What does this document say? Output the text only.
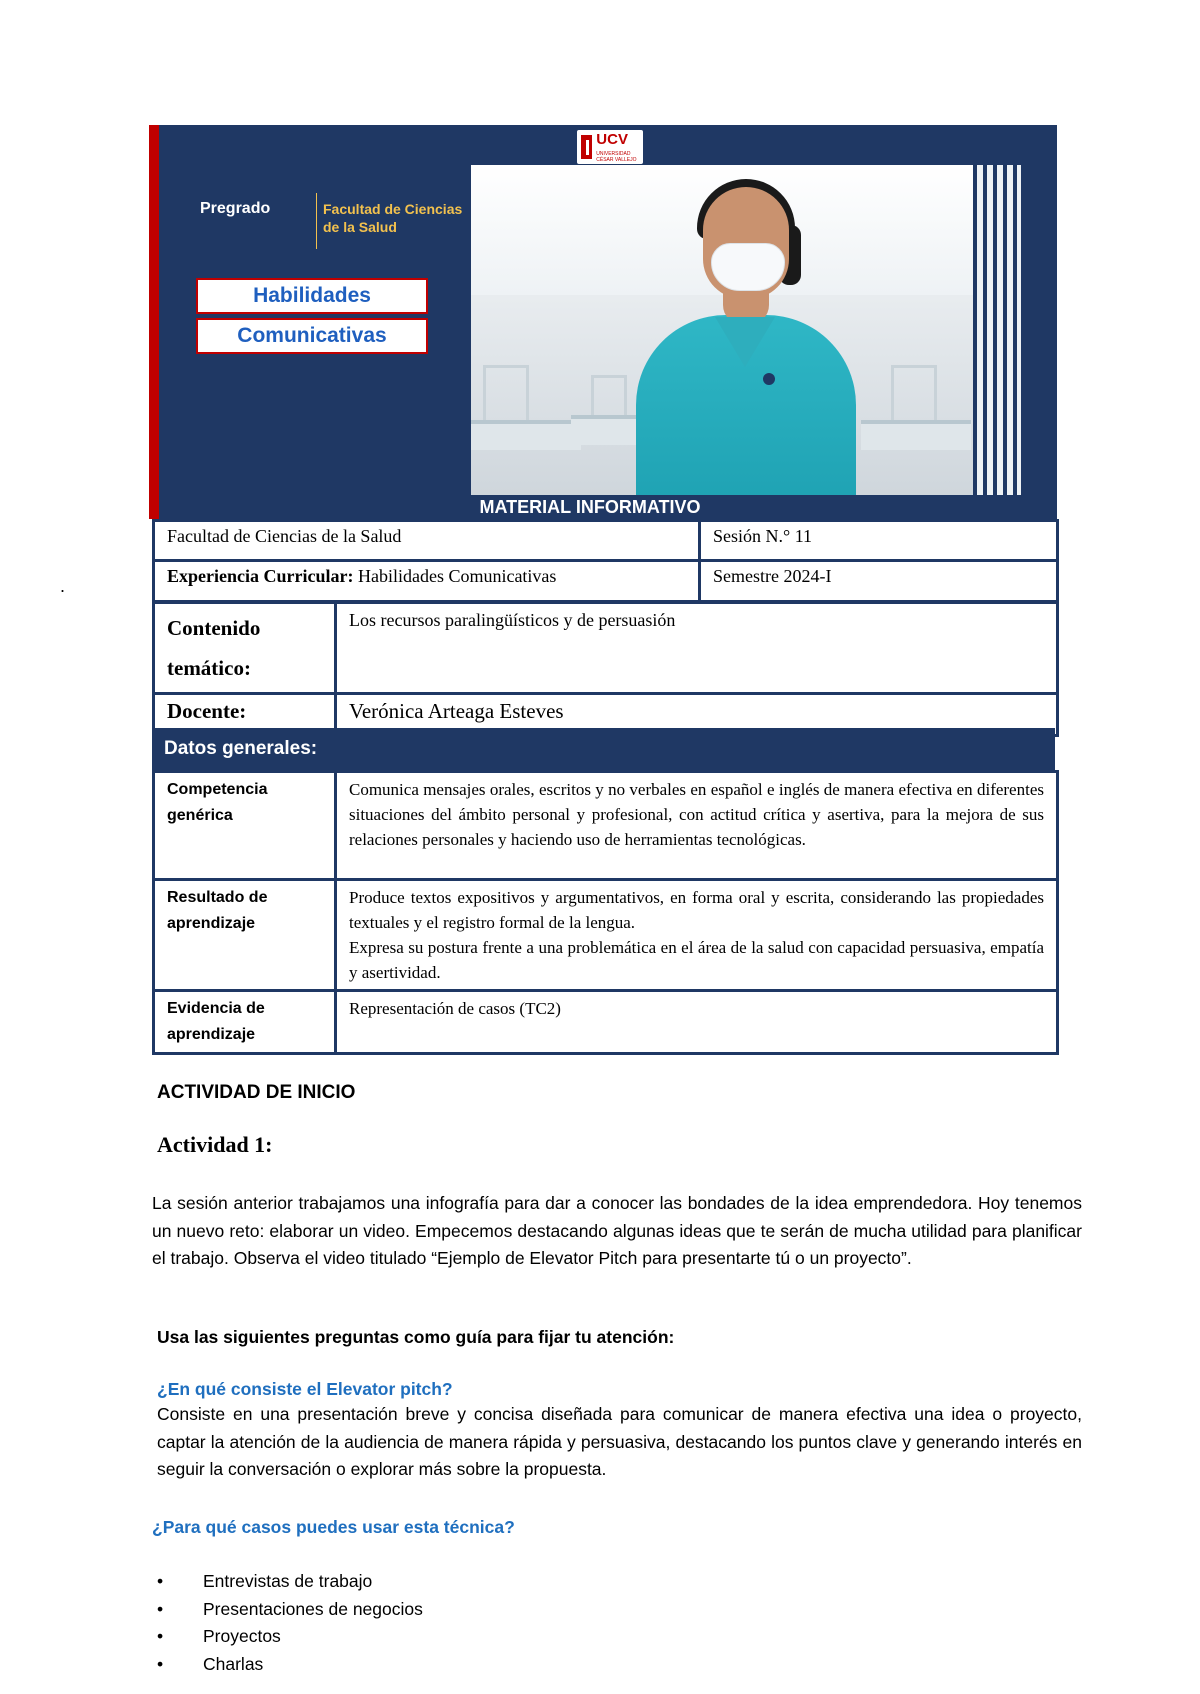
UCV
UNIVERSIDAD CÉSAR VALLEJO
Pregrado	Facultad de Ciencias de la Salud
Habilidades
Comunicativas
MATERIAL INFORMATIVO
.
Facultad de Ciencias de la Salud	Sesión N.° 11
Experiencia Curricular: Habilidades Comunicativas	Semestre 2024-I
Contenido temático:	Los recursos paralingüísticos y de persuasión
Docente:	Verónica Arteaga Esteves
Datos generales:
Competencia genérica	Comunica mensajes orales, escritos y no verbales en español e inglés de manera efectiva en diferentes situaciones del ámbito personal y profesional, con actitud crítica y asertiva, para la mejora de sus relaciones personales y haciendo uso de herramientas tecnológicas.
Resultado de aprendizaje	Produce textos expositivos y argumentativos, en forma oral y escrita, considerando las propiedades textuales y el registro formal de la lengua.
Expresa su postura frente a una problemática en el área de la salud con capacidad persuasiva, empatía y asertividad.

Evidencia de aprendizaje	Representación de casos (TC2)
ACTIVIDAD DE INICIO
Actividad 1:
La sesión anterior trabajamos una infografía para dar a conocer las bondades de la idea emprendedora. Hoy tenemos un nuevo reto: elaborar un video. Empecemos destacando algunas ideas que te serán de mucha utilidad para planificar el trabajo. Observa el video titulado “Ejemplo de Elevator Pitch para presentarte tú o un proyecto”.
Usa las siguientes preguntas como guía para fijar tu atención:
¿En qué consiste el Elevator pitch?
Consiste en una presentación breve y concisa diseñada para comunicar de manera efectiva una idea o proyecto, captar la atención de la audiencia de manera rápida y persuasiva, destacando los puntos clave y generando interés en seguir la conversación o explorar más sobre la propuesta.
¿Para qué casos puedes usar esta técnica?
• Entrevistas de trabajo
• Presentaciones de negocios
• Proyectos
• Charlas
